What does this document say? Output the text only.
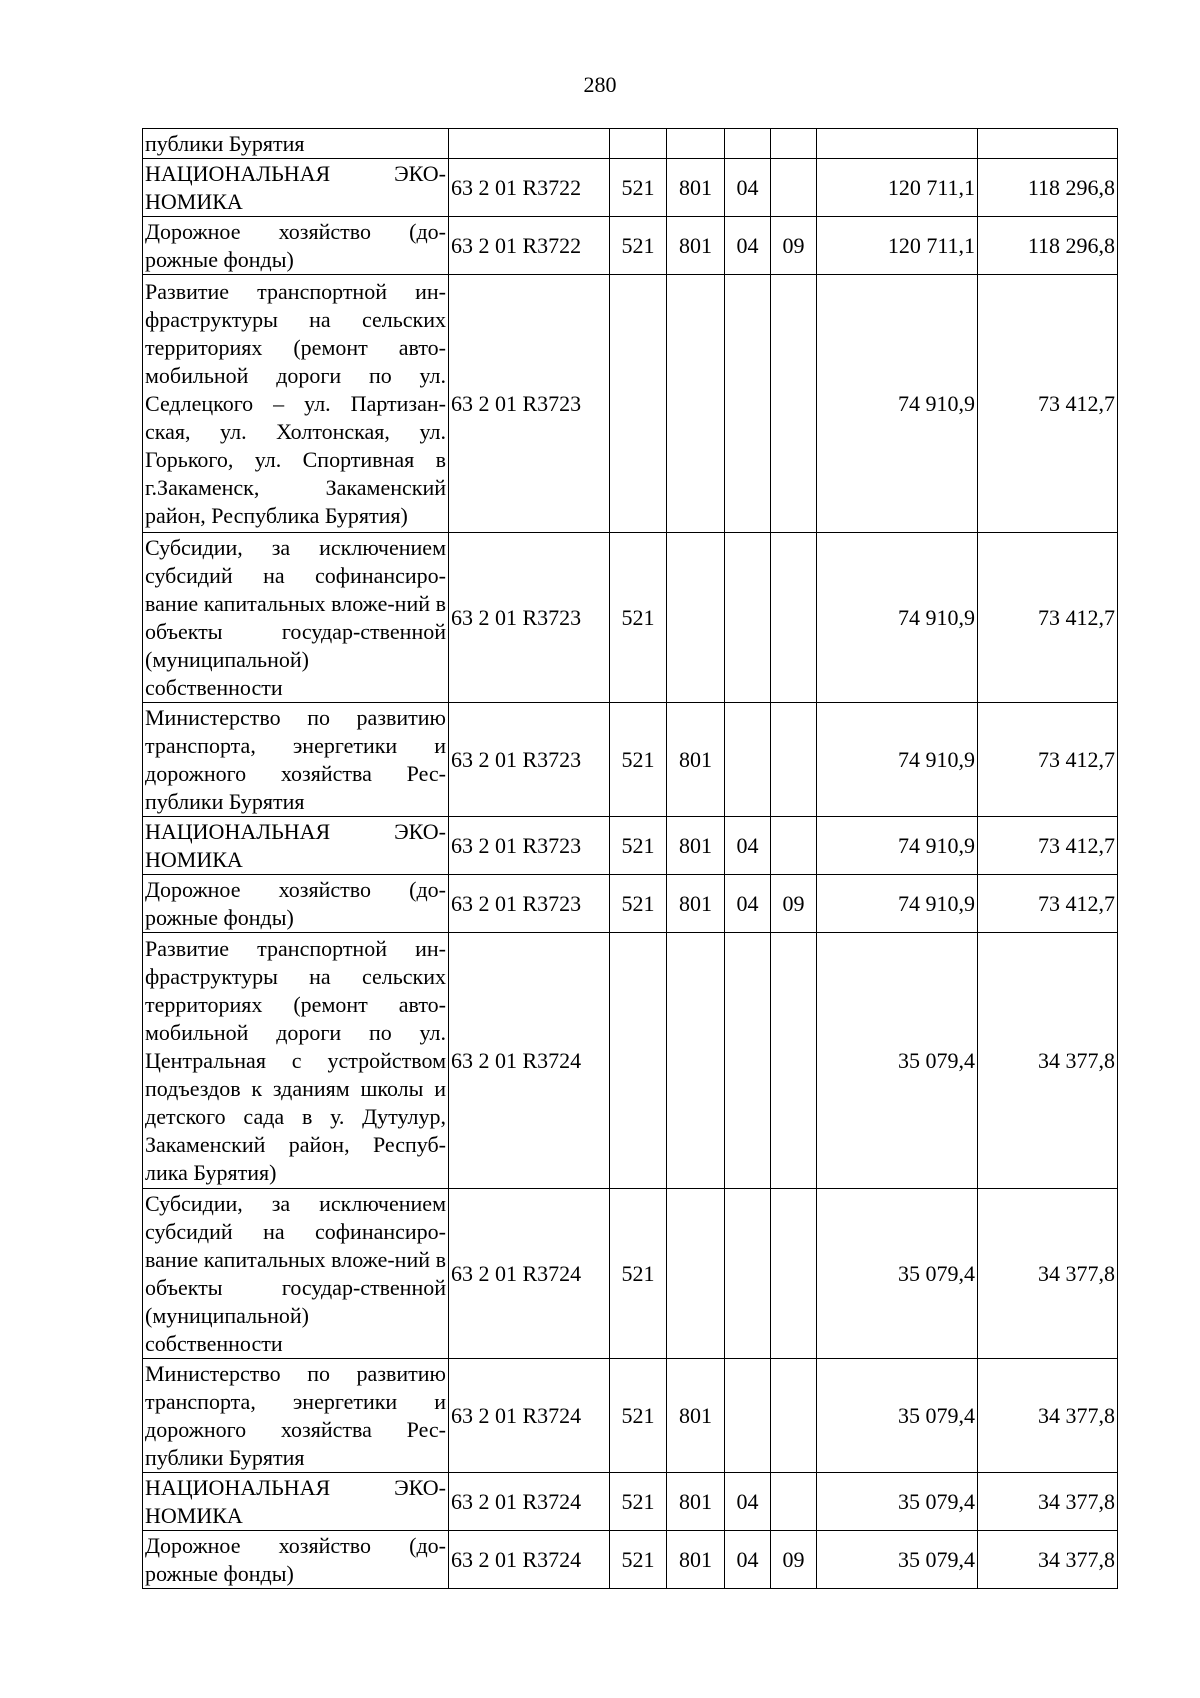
280
публики Бурятия							
НАЦИОНАЛЬНАЯ ЭКО-НОМИКА	63 2 01 R3722	521	801	04		120 711,1	118 296,8
Дорожное хозяйство (до-рожные фонды)	63 2 01 R3722	521	801	04	09	120 711,1	118 296,8
Развитие транспортной ин-фраструктуры на сельских территориях (ремонт авто-мобильной дороги по ул. Седлецкого – ул. Партизан-ская, ул. Холтонская, ул. Горького, ул. Спортивная в г.Закаменск, Закаменский район, Республика Бурятия)	63 2 01 R3723					74 910,9	73 412,7
Субсидии, за исключением субсидий на софинансиро-вание капитальных вложе-ний в объекты государ-ственной (муниципальной) собственности	63 2 01 R3723	521				74 910,9	73 412,7
Министерство по развитию транспорта, энергетики и дорожного хозяйства Рес-публики Бурятия	63 2 01 R3723	521	801			74 910,9	73 412,7
НАЦИОНАЛЬНАЯ ЭКО-НОМИКА	63 2 01 R3723	521	801	04		74 910,9	73 412,7
Дорожное хозяйство (до-рожные фонды)	63 2 01 R3723	521	801	04	09	74 910,9	73 412,7
Развитие транспортной ин-фраструктуры на сельских территориях (ремонт авто-мобильной дороги по ул. Центральная с устройством подъездов к зданиям школы и детского сада в у. Дутулур, Закаменский район, Респуб-лика Бурятия)	63 2 01 R3724					35 079,4	34 377,8
Субсидии, за исключением субсидий на софинансиро-вание капитальных вложе-ний в объекты государ-ственной (муниципальной) собственности	63 2 01 R3724	521				35 079,4	34 377,8
Министерство по развитию транспорта, энергетики и дорожного хозяйства Рес-публики Бурятия	63 2 01 R3724	521	801			35 079,4	34 377,8
НАЦИОНАЛЬНАЯ ЭКО-НОМИКА	63 2 01 R3724	521	801	04		35 079,4	34 377,8
Дорожное хозяйство (до-рожные фонды)	63 2 01 R3724	521	801	04	09	35 079,4	34 377,8
